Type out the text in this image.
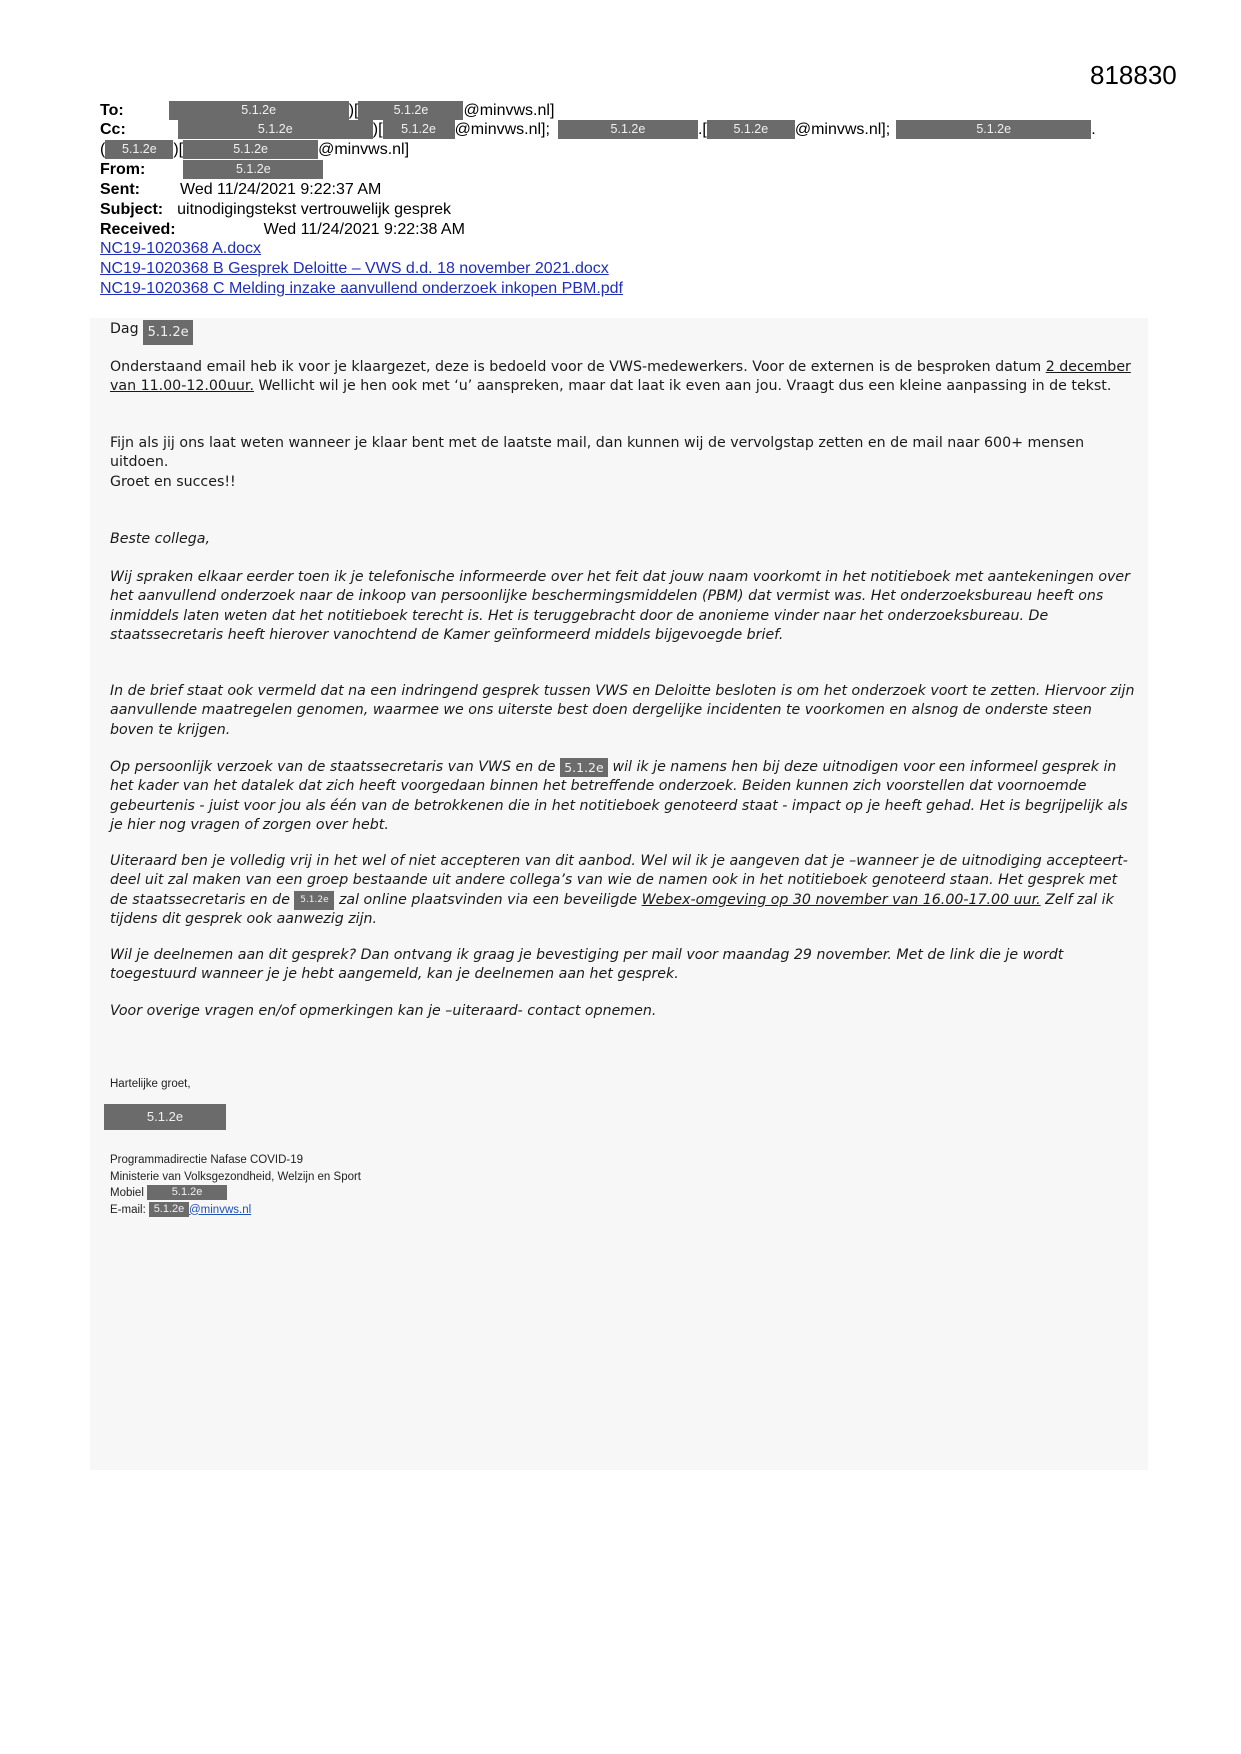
818830
To:	5.1.2e	)[	5.1.2e @minvws.nl]
Cc:	5.1.2e	)[ 5.1.2e @minvws.nl];	5.1.2e	.[ 5.1.2e @minvws.nl];	5.1.2e	.
( 5.1.2e )[	5.1.2e	@minvws.nl]
From:	5.1.2e
Sent:	Wed 11/24/2021 9:22:37 AM
Subject: uitnodigingstekst vertrouwelijk gesprek
Received:	Wed 11/24/2021 9:22:38 AM
NC19-1020368 A.docx
NC19-1020368 B Gesprek Deloitte – VWS d.d. 18 november 2021.docx
NC19-1020368 C Melding inzake aanvullend onderzoek inkopen PBM.pdf
Dag 5.1.2e
Onderstaand email heb ik voor je klaargezet, deze is bedoeld voor de VWS-medewerkers. Voor de externen is de besproken datum 2 december van 11.00-12.00uur. Wellicht wil je hen ook met ‘u’ aanspreken, maar dat laat ik even aan jou. Vraagt dus een kleine aanpassing in de tekst.
Fijn als jij ons laat weten wanneer je klaar bent met de laatste mail, dan kunnen wij de vervolgstap zetten en de mail naar 600+ mensen uitdoen.
Groet en succes!!
Beste collega,
Wij spraken elkaar eerder toen ik je telefonische informeerde over het feit dat jouw naam voorkomt in het notitieboek met aantekeningen over het aanvullend onderzoek naar de inkoop van persoonlijke beschermingsmiddelen (PBM) dat vermist was. Het onderzoeksbureau heeft ons inmiddels laten weten dat het notitieboek terecht is. Het is teruggebracht door de anonieme vinder naar het onderzoeksbureau. De staatssecretaris heeft hierover vanochtend de Kamer geïnformeerd middels bijgevoegde brief.
In de brief staat ook vermeld dat na een indringend gesprek tussen VWS en Deloitte besloten is om het onderzoek voort te zetten. Hiervoor zijn aanvullende maatregelen genomen, waarmee we ons uiterste best doen dergelijke incidenten te voorkomen en alsnog de onderste steen boven te krijgen.
Op persoonlijk verzoek van de staatssecretaris van VWS en de 5.1.2e wil ik je namens hen bij deze uitnodigen voor een informeel gesprek in het kader van het datalek dat zich heeft voorgedaan binnen het betreffende onderzoek. Beiden kunnen zich voorstellen dat voornoemde gebeurtenis - juist voor jou als één van de betrokkenen die in het notitieboek genoteerd staat - impact op je heeft gehad. Het is begrijpelijk als je hier nog vragen of zorgen over hebt.
Uiteraard ben je volledig vrij in het wel of niet accepteren van dit aanbod. Wel wil ik je aangeven dat je –wanneer je de uitnodiging accepteert- deel uit zal maken van een groep bestaande uit andere collega’s van wie de namen ook in het notitieboek genoteerd staan. Het gesprek met de staatssecretaris en de 5.1.2e zal online plaatsvinden via een beveiligde Webex-omgeving op 30 november van 16.00-17.00 uur. Zelf zal ik tijdens dit gesprek ook aanwezig zijn.
Wil je deelnemen aan dit gesprek? Dan ontvang ik graag je bevestiging per mail voor maandag 29 november. Met de link die je wordt toegestuurd wanneer je je hebt aangemeld, kan je deelnemen aan het gesprek.
Voor overige vragen en/of opmerkingen kan je –uiteraard- contact opnemen.
Hartelijke groet,
5.1.2e
Programmadirectie Nafase COVID-19
Ministerie van Volksgezondheid, Welzijn en Sport
Mobiel	5.1.2e
E-mail: 5.1.2e @minvws.nl
